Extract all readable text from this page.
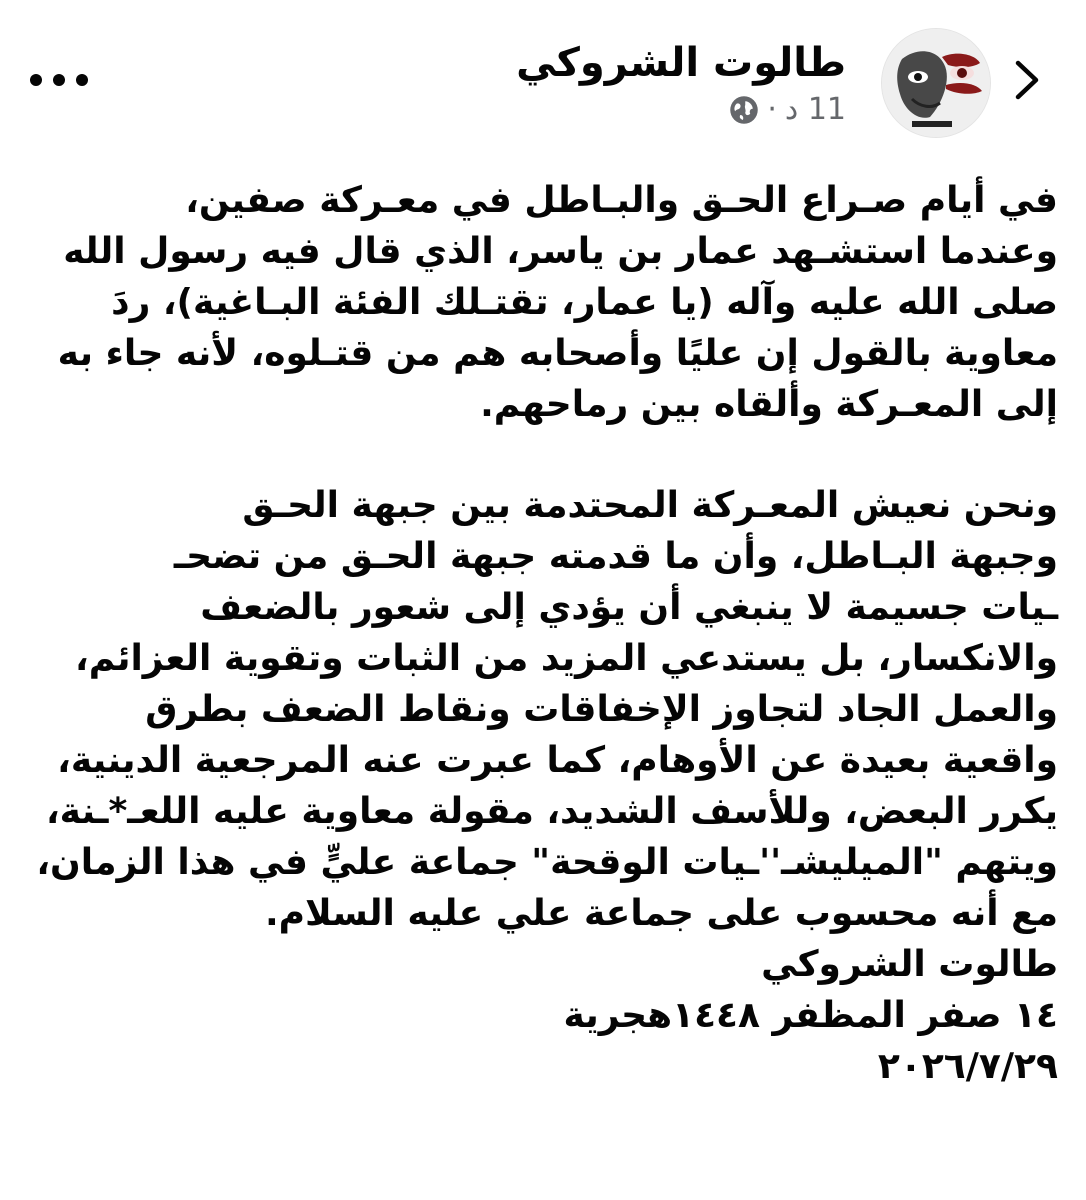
طالوت الشروكي
11 د
·
في أيام صـراع الحـق والبـاطل في معـركة صفين،
وعندما استشـهد عمار بن ياسر، الذي قال فيه رسول الله
صلى الله عليه وآله (يا عمار، تقتـلك الفئة البـاغية)، ردَ
معاوية بالقول إن عليًا وأصحابه هم من قتـلوه، لأنه جاء به
إلى المعـركة وألقاه بين رماحهم.
ونحن نعيش المعـركة المحتدمة بين جبهة الحـق
وجبهة البـاطل، وأن ما قدمته جبهة الحـق من تضحـ
ـيات جسيمة لا ينبغي أن يؤدي إلى شعور بالضعف
والانكسار، بل يستدعي المزيد من الثبات وتقوية العزائم،
والعمل الجاد لتجاوز الإخفاقات ونقاط الضعف بطرق
واقعية بعيدة عن الأوهام، كما عبرت عنه المرجعية الدينية،
يكرر البعض، وللأسف الشديد، مقولة معاوية عليه اللعـ*ـنة،
ويتهم "الميليشـ''ـيات الوقحة" جماعة عليٍّ في هذا الزمان،
مع أنه محسوب على جماعة علي عليه السلام.
طالوت الشروكي
١٤ صفر المظفر ١٤٤٨هجرية
٢٠٢٦/٧/٢٩
